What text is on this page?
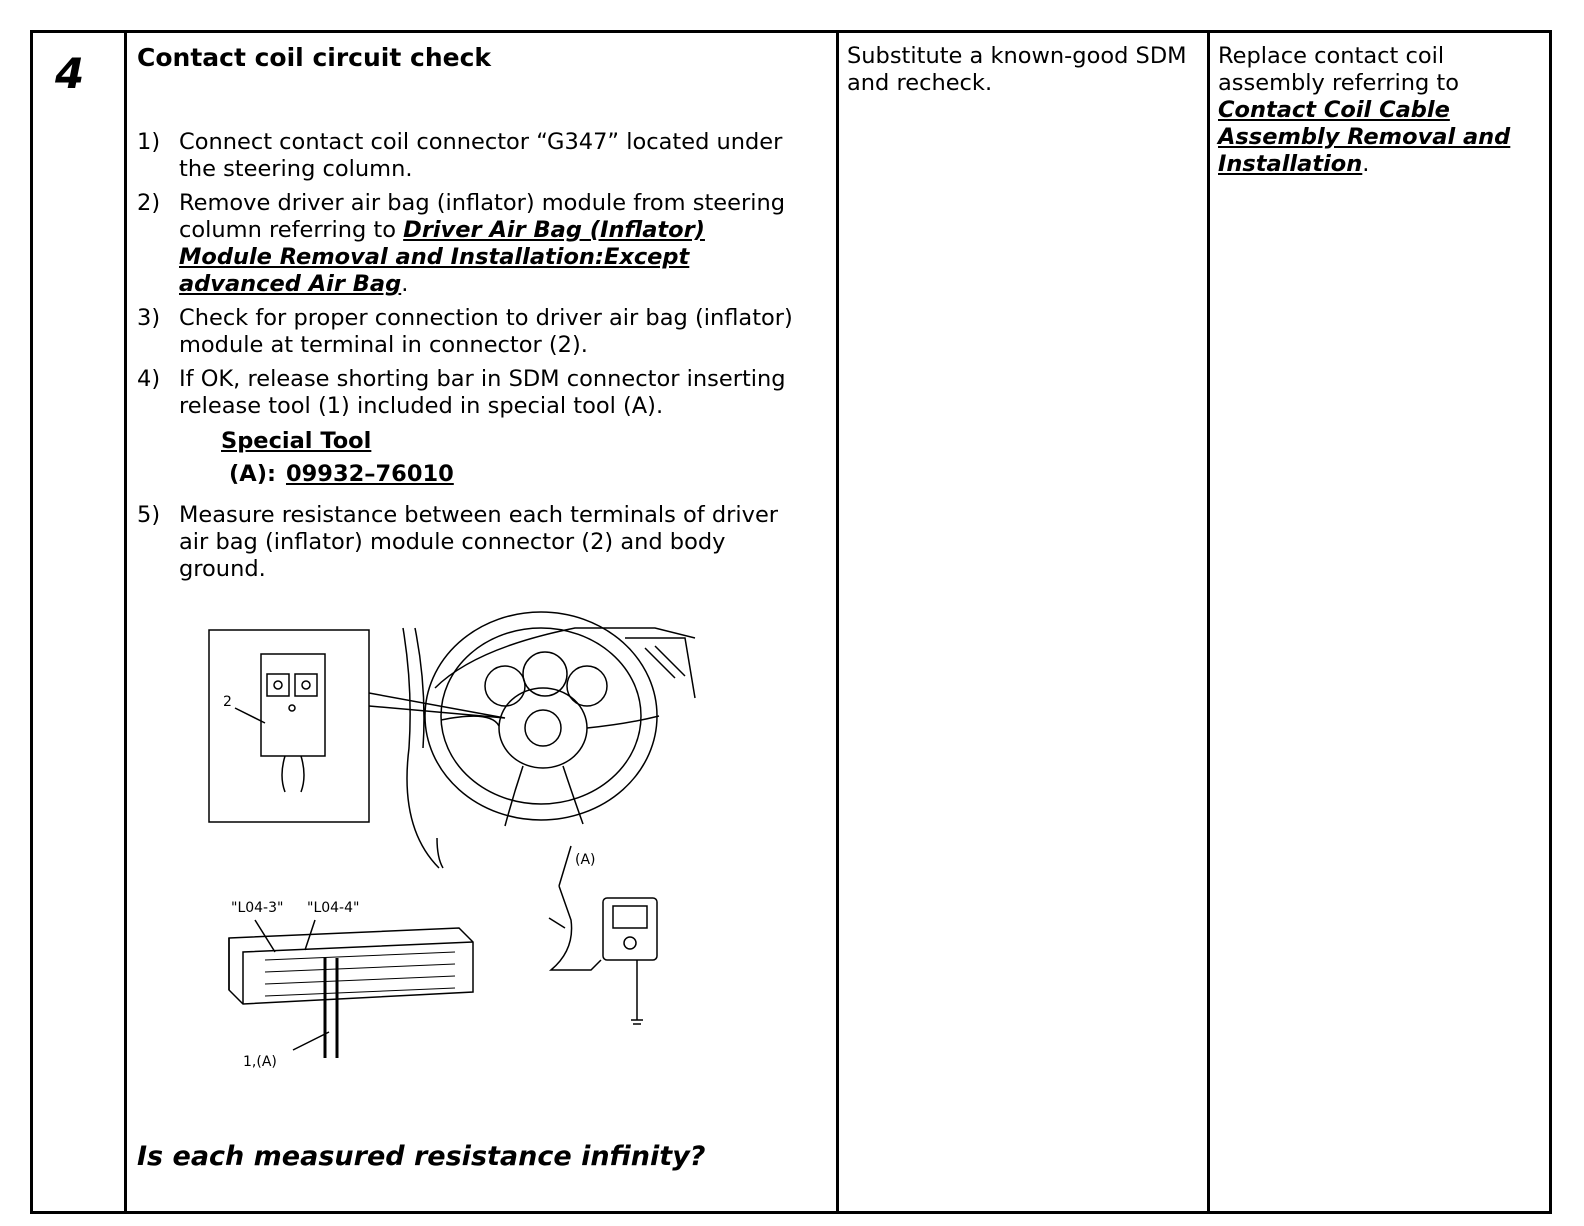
4 Contact coil circuit check
1) Connect contact coil connector “G347” located under the steering column.
2) Remove driver air bag (inflator) module from steering column referring to Driver Air Bag (Inflator) Module Removal and Installation:Except advanced Air Bag.
3) Check for proper connection to driver air bag (inflator) module at terminal in connector (2).
4) If OK, release shorting bar in SDM connector inserting release tool (1) included in special tool (A).
Special Tool
(A): 09932–76010
5) Measure resistance between each terminals of driver air bag (inflator) module connector (2) and body ground.
2
"L04-3" "L04-4"
1,(A)
(A)
Is each measured resistance infinity?
Substitute a known-good SDM and recheck.
Replace contact coil assembly referring to Contact Coil Cable Assembly Removal and Installation.
